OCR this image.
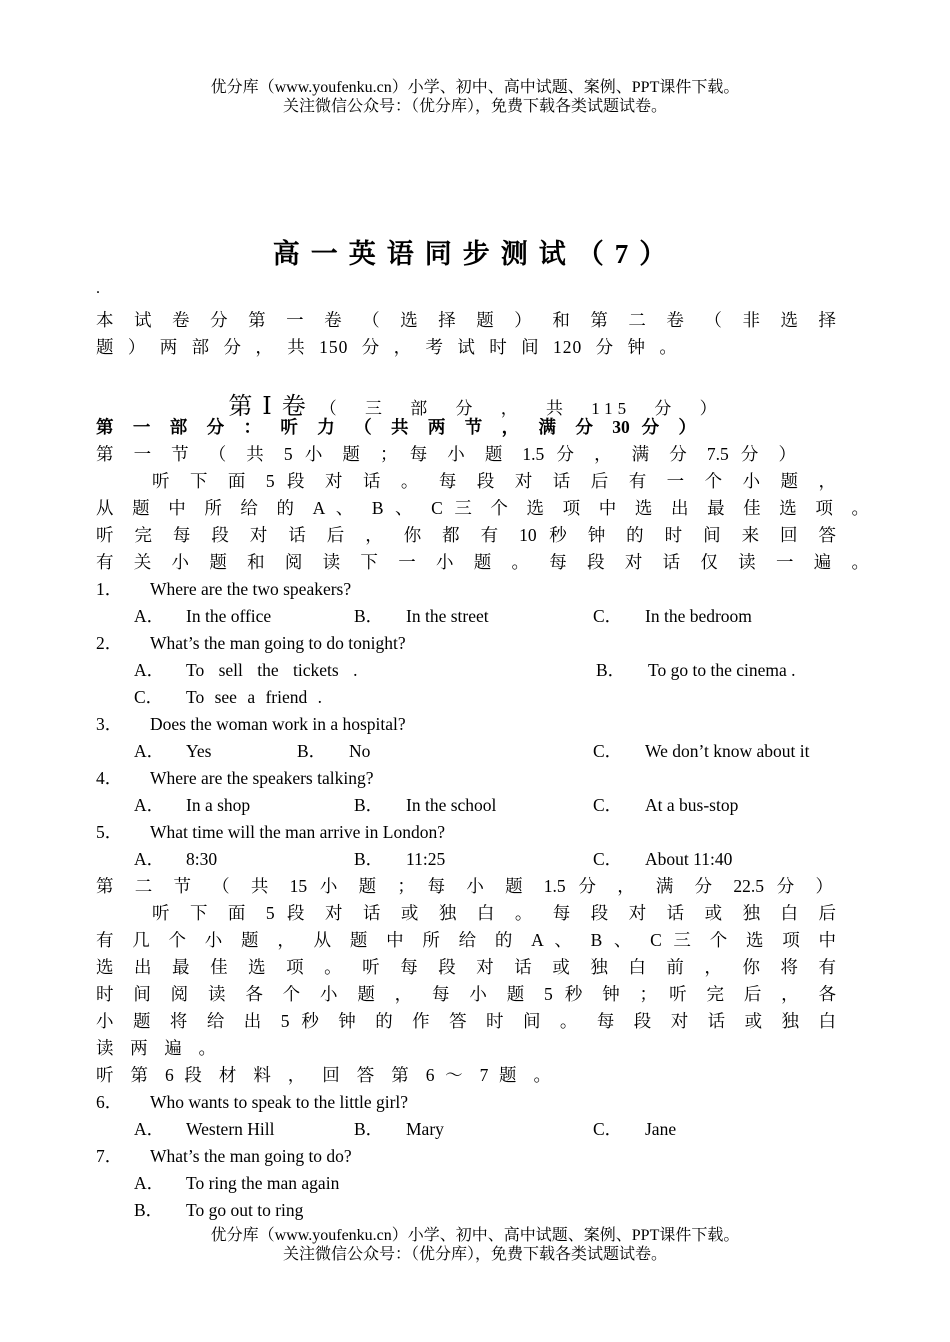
优分库（www.youfenku.cn）小学、初中、高中试题、案例、PPT课件下载。
关注微信公众号：（优分库），免费下载各类试题试卷。
高一英语同步测试（7）
.
本 试 卷 分 第 一 卷 （ 选 择 题 ） 和 第 二 卷 （ 非 选 择
题 ） 两 部 分 ， 共 150 分 ， 考 试 时 间 120 分 钟 。
第Ⅰ卷 （ 三 部 分 ， 共 115 分 ）
第 一 部 分 ： 听 力 （ 共 两 节 ， 满 分 30 分 ）
第 一 节 （ 共 5 小 题 ； 每 小 题 1.5 分 ， 满 分 7.5 分 ）
听 下 面 5 段 对 话 。 每 段 对 话 后 有 一 个 小 题 ，
从 题 中 所 给 的 A 、 B 、 C 三 个 选 项 中 选 出 最 佳 选 项 。
听 完 每 段 对 话 后 ， 你 都 有 10 秒 钟 的 时 间 来 回 答
有 关 小 题 和 阅 读 下 一 小 题 。 每 段 对 话 仅 读 一 遍 。
1． Where are the two speakers?
A． In the office	B． In the street	C． In the bedroom
2． What’s the man going to do tonight?
A． To sell the tickets .	B． To go to the cinema .
C． To see a friend .
3． Does the woman work in a hospital?
A． Yes	B． No	C． We don’t know about it
4． Where are the speakers talking?
A． In a shop	B． In the school	C． At a bus-stop
5． What time will the man arrive in London?
A． 8:30	B． 11:25	C． About 11:40
第 二 节 （ 共 15 小 题 ； 每 小 题 1.5 分 ， 满 分 22.5 分 ）
听 下 面 5 段 对 话 或 独 白 。 每 段 对 话 或 独 白 后
有 几 个 小 题 ， 从 题 中 所 给 的 A 、 B 、 C 三 个 选 项 中
选 出 最 佳 选 项 。 听 每 段 对 话 或 独 白 前 ， 你 将 有
时 间 阅 读 各 个 小 题 ， 每 小 题 5 秒 钟 ； 听 完 后 ， 各
小 题 将 给 出 5 秒 钟 的 作 答 时 间 。 每 段 对 话 或 独 白
读 两 遍 。
听 第 6 段 材 料 ， 回 答 第 6 ～ 7 题 。
6． Who wants to speak to the little girl?
A． Western Hill	B． Mary	C． Jane
7． What’s the man going to do?
A． To ring the man again
B． To go out to ring
优分库（www.youfenku.cn）小学、初中、高中试题、案例、PPT课件下载。
关注微信公众号：（优分库），免费下载各类试题试卷。
